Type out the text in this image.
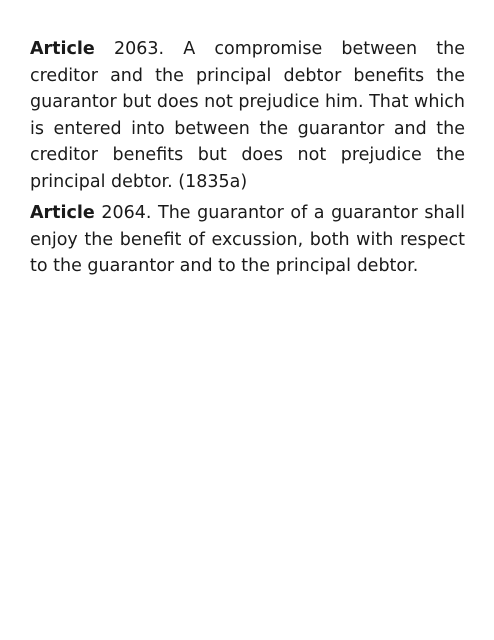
Article 2063. A compromise between the creditor and the principal debtor benefits the guarantor but does not prejudice him. That which is entered into between the guarantor and the creditor benefits but does not prejudice the principal debtor. (1835a)

Article 2064. The guarantor of a guarantor shall enjoy the benefit of excussion, both with respect to the guarantor and to the principal debtor.
